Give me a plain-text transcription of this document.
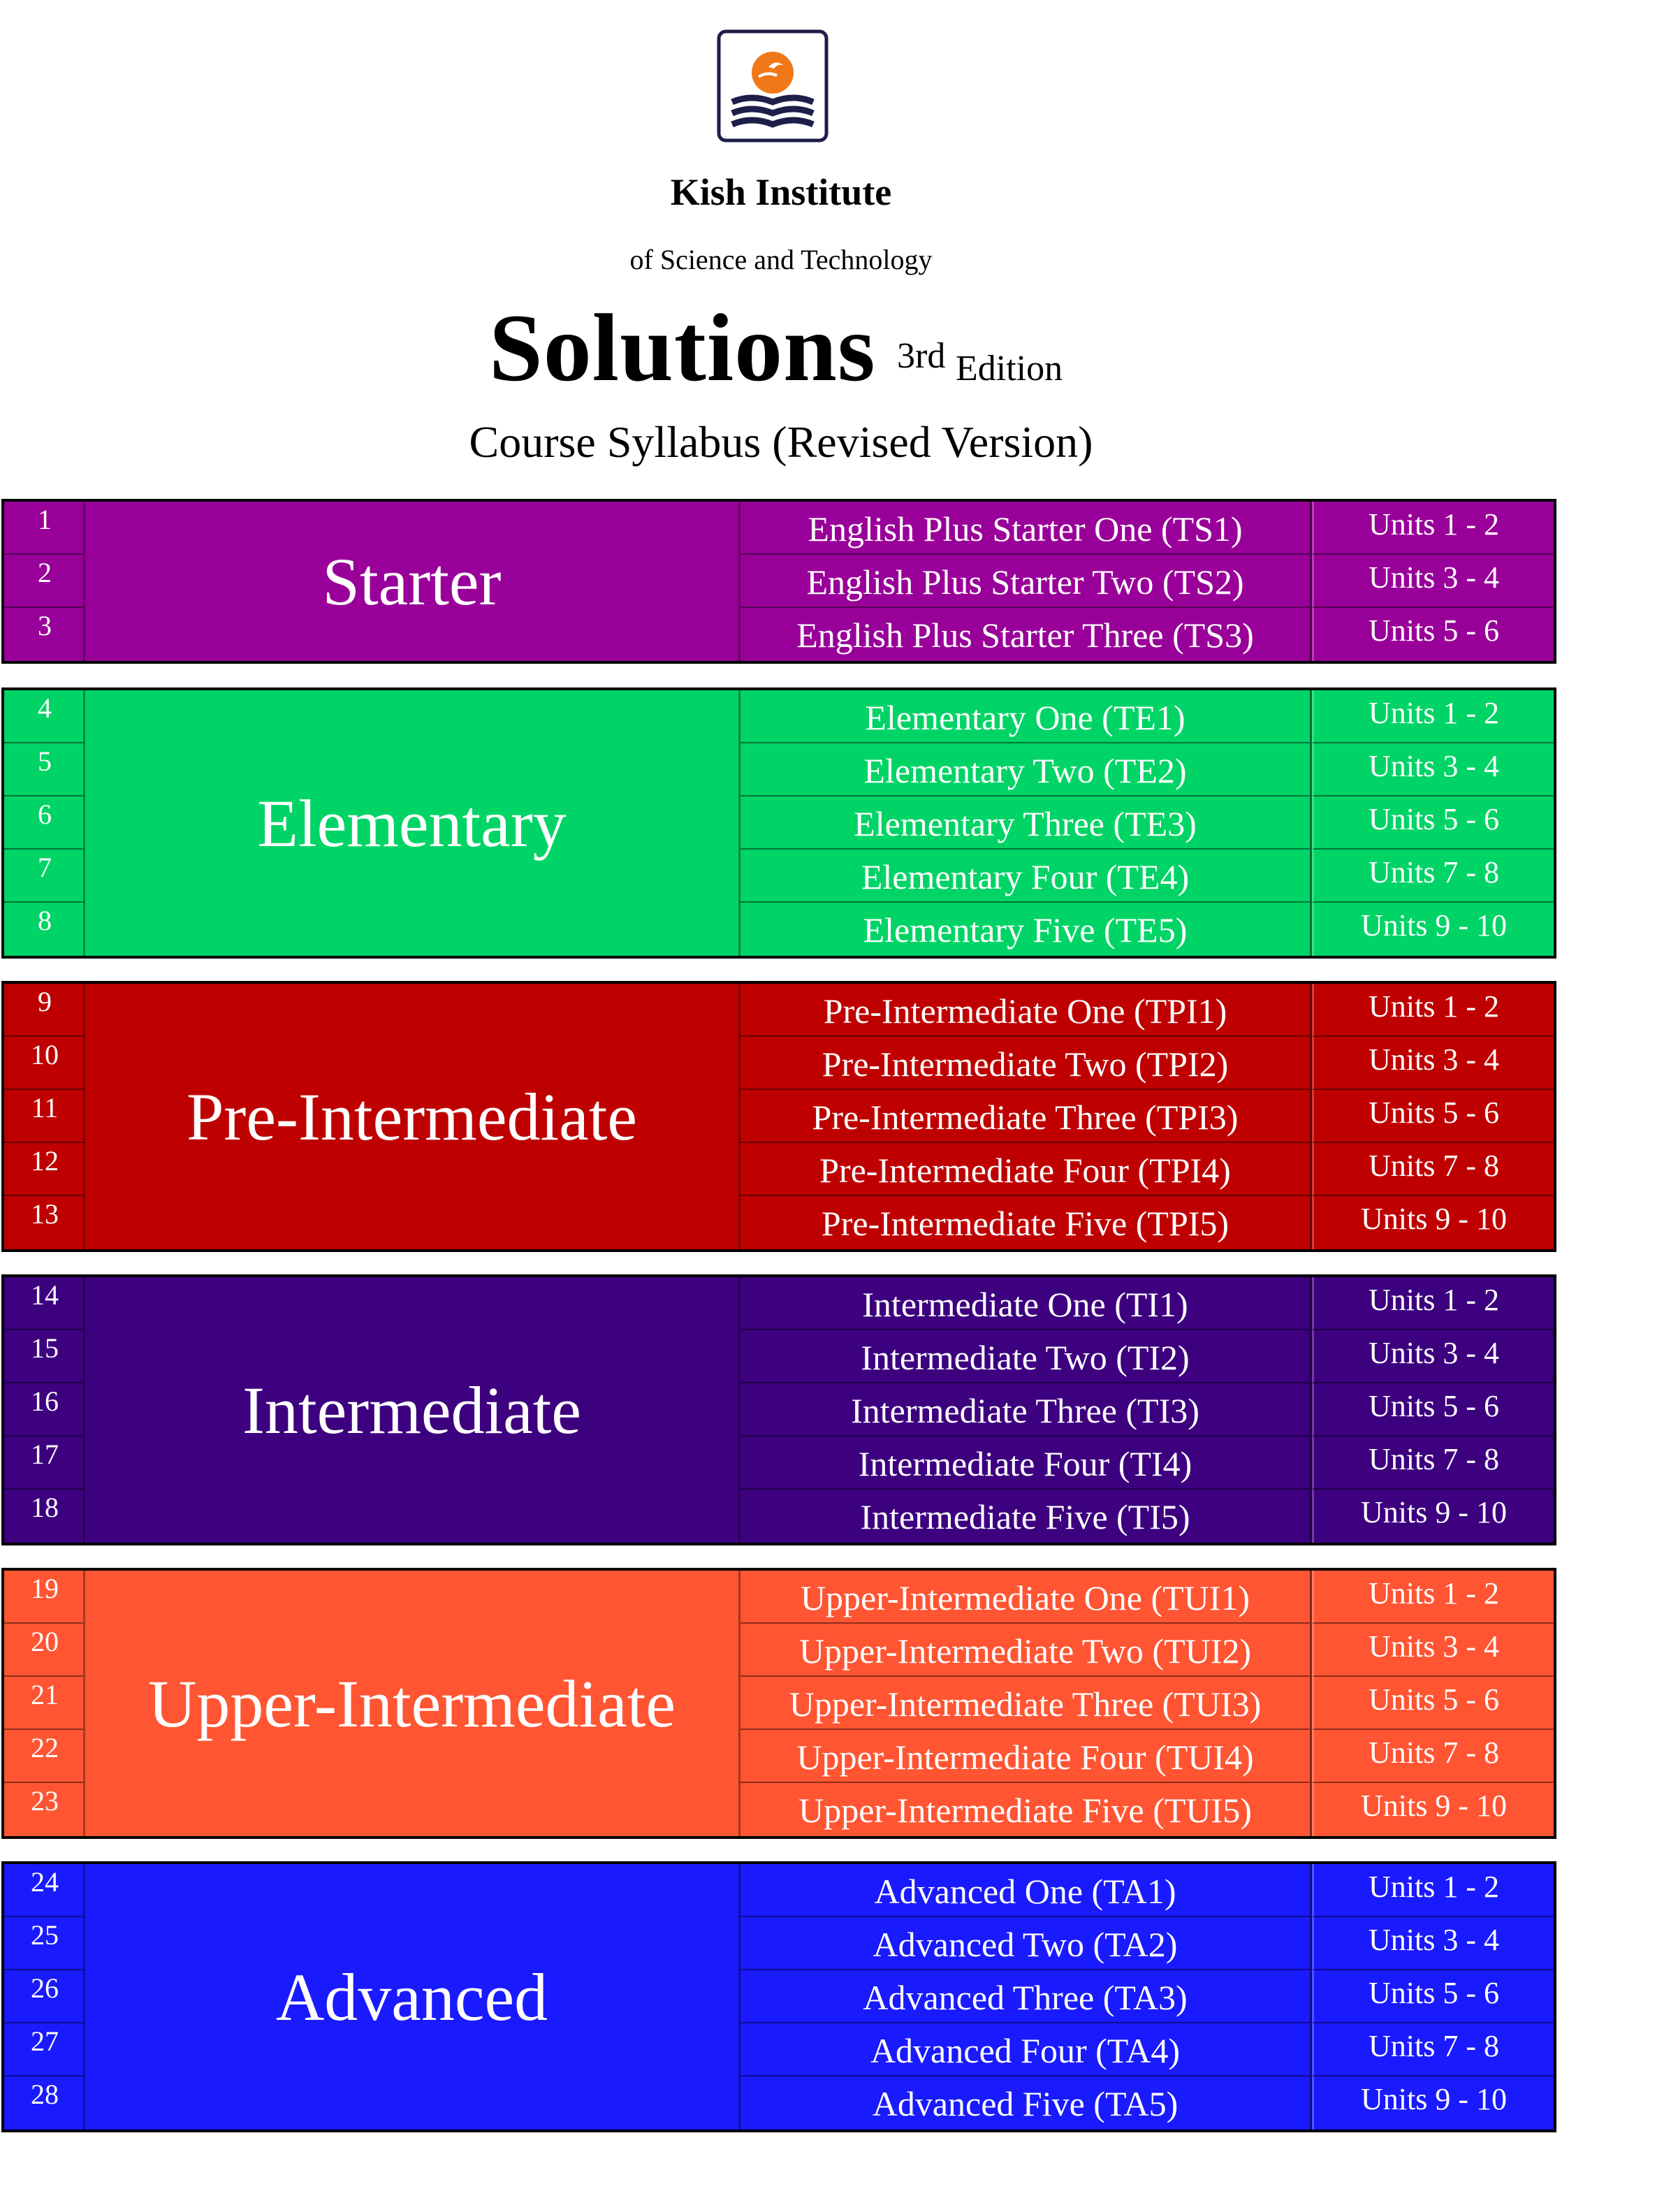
Kish Institute
of Science and Technology
Solutions 3rd Edition
Course Syllabus (Revised Version)
Starter
1	English Plus Starter One (TS1)	Units 1 - 2
2	English Plus Starter Two (TS2)	Units 3 - 4
3	English Plus Starter Three (TS3)	Units 5 - 6
Elementary
4	Elementary One (TE1)	Units 1 - 2
5	Elementary Two (TE2)	Units 3 - 4
6	Elementary Three (TE3)	Units 5 - 6
7	Elementary Four (TE4)	Units 7 - 8
8	Elementary Five (TE5)	Units 9 - 10
Pre-Intermediate
9	Pre-Intermediate One (TPI1)	Units 1 - 2
10	Pre-Intermediate Two (TPI2)	Units 3 - 4
11	Pre-Intermediate Three (TPI3)	Units 5 - 6
12	Pre-Intermediate Four (TPI4)	Units 7 - 8
13	Pre-Intermediate Five (TPI5)	Units 9 - 10
Intermediate
14	Intermediate One (TI1)	Units 1 - 2
15	Intermediate Two (TI2)	Units 3 - 4
16	Intermediate Three (TI3)	Units 5 - 6
17	Intermediate Four (TI4)	Units 7 - 8
18	Intermediate Five (TI5)	Units 9 - 10
Upper-Intermediate
19	Upper-Intermediate One (TUI1)	Units 1 - 2
20	Upper-Intermediate Two (TUI2)	Units 3 - 4
21	Upper-Intermediate Three (TUI3)	Units 5 - 6
22	Upper-Intermediate Four (TUI4)	Units 7 - 8
23	Upper-Intermediate Five (TUI5)	Units 9 - 10
Advanced
24	Advanced One (TA1)	Units 1 - 2
25	Advanced Two (TA2)	Units 3 - 4
26	Advanced Three (TA3)	Units 5 - 6
27	Advanced Four (TA4)	Units 7 - 8
28	Advanced Five (TA5)	Units 9 - 10
